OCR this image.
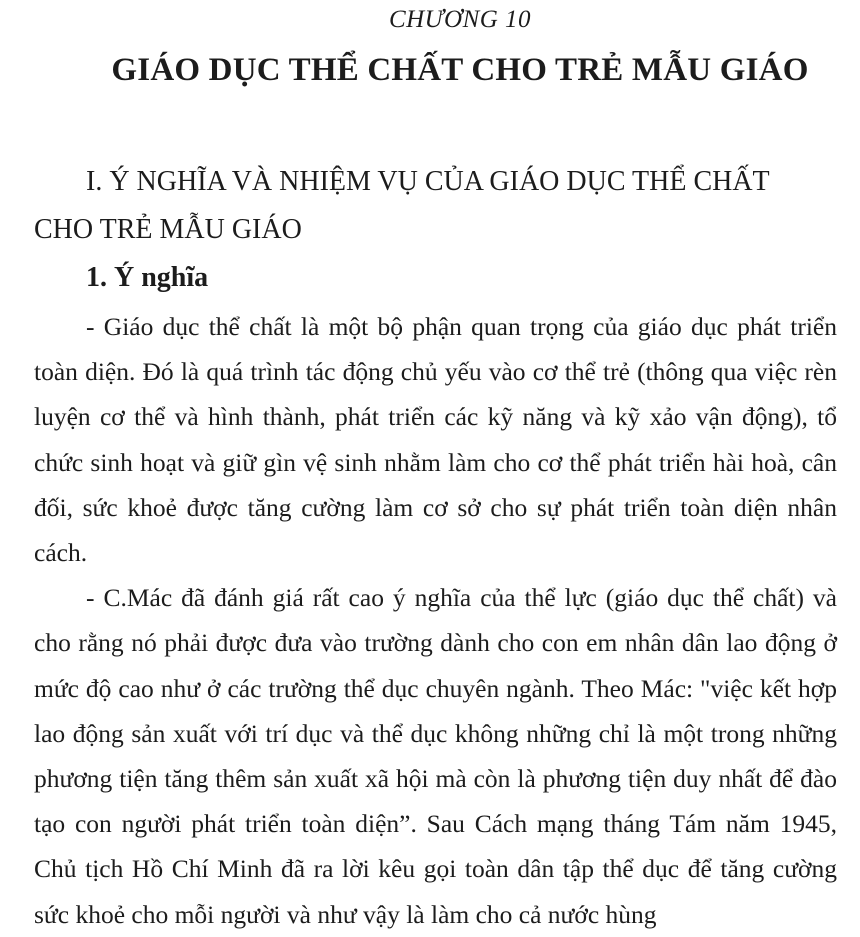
CHƯƠNG 10
GIÁO DỤC THỂ CHẤT CHO TRẺ MẪU GIÁO
I. Ý NGHĨA VÀ NHIỆM VỤ CỦA GIÁO DỤC THỂ CHẤT CHO TRẺ MẪU GIÁO
1. Ý nghĩa

- Giáo dục thể chất là một bộ phận quan trọng của giáo dục phát triển toàn diện. Đó là quá trình tác động chủ yếu vào cơ thể trẻ (thông qua việc rèn luyện cơ thể và hình thành, phát triển các kỹ năng và kỹ xảo vận động), tổ chức sinh hoạt và giữ gìn vệ sinh nhằm làm cho cơ thể phát triển hài hoà, cân đối, sức khoẻ được tăng cường làm cơ sở cho sự phát triển toàn diện nhân cách.

- C.Mác đã đánh giá rất cao ý nghĩa của thể lực (giáo dục thể chất) và cho rằng nó phải được đưa vào trường dành cho con em nhân dân lao động ở mức độ cao như ở các trường thể dục chuyên ngành. Theo Mác: "việc kết hợp lao động sản xuất với trí dục và thể dục không những chỉ là một trong những phương tiện tăng thêm sản xuất xã hội mà còn là phương tiện duy nhất để đào tạo con người phát triển toàn diện”. Sau Cách mạng tháng Tám năm 1945, Chủ tịch Hồ Chí Minh đã ra lời kêu gọi toàn dân tập thể dục để tăng cường sức khoẻ cho mỗi người và như vậy là làm cho cả nước hùng
